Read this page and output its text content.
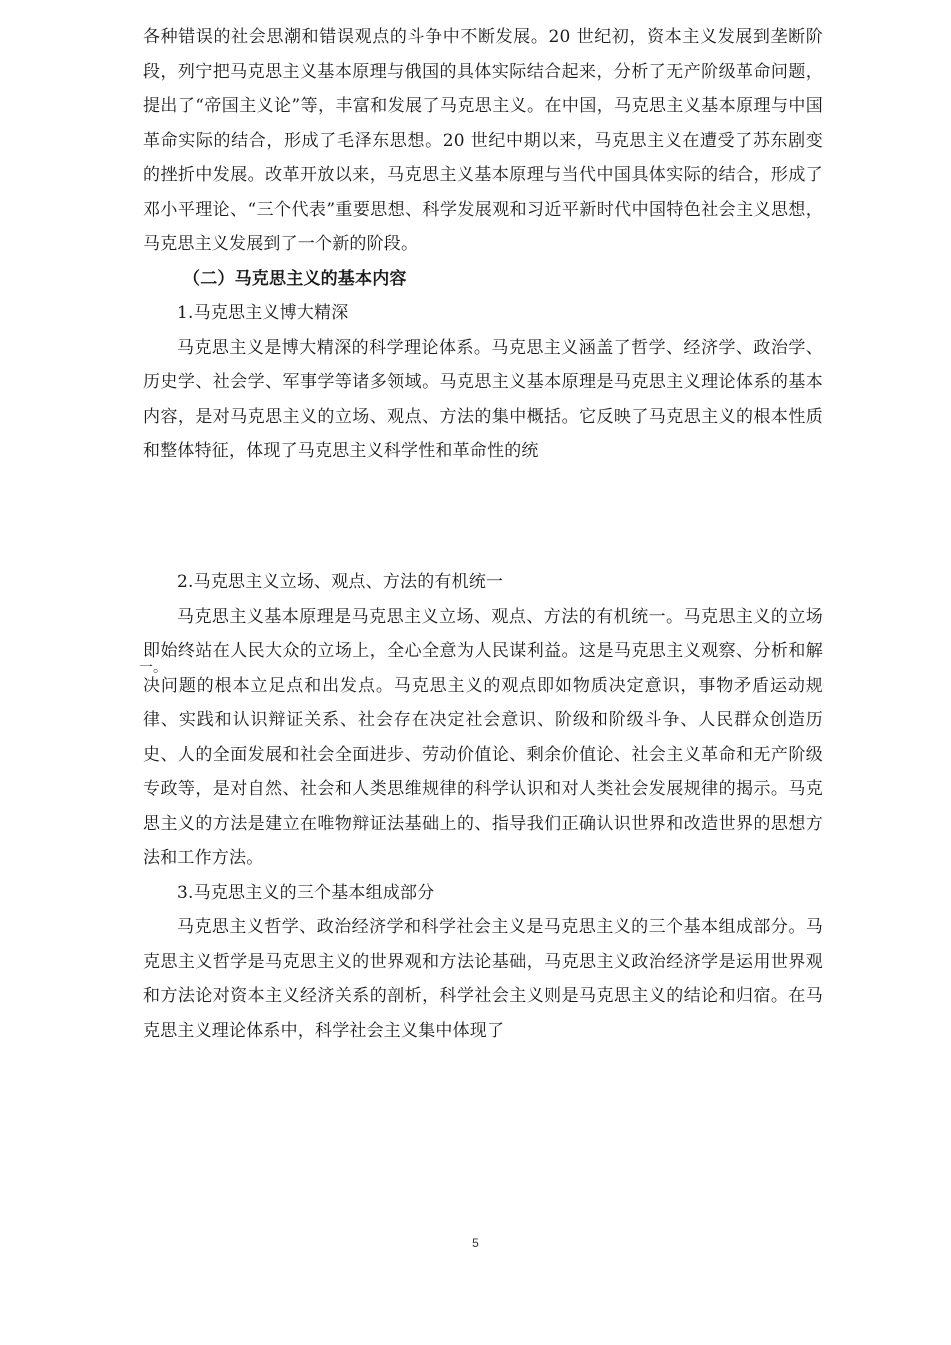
各种错误的社会思潮和错误观点的斗争中不断发展。20 世纪初，资本主义发展到垄断阶段，列宁把马克思主义基本原理与俄国的具体实际结合起来，分析了无产阶级革命问题，提出了“帝国主义论”等，丰富和发展了马克思主义。在中国，马克思主义基本原理与中国革命实际的结合，形成了毛泽东思想。20 世纪中期以来，马克思主义在遭受了苏东剧变的挫折中发展。改革开放以来，马克思主义基本原理与当代中国具体实际的结合，形成了邓小平理论、“三个代表”重要思想、科学发展观和习近平新时代中国特色社会主义思想，马克思主义发展到了一个新的阶段。

（二）马克思主义的基本内容

1.马克思主义博大精深

马克思主义是博大精深的科学理论体系。马克思主义涵盖了哲学、经济学、政治学、历史学、社会学、军事学等诸多领域。马克思主义基本原理是马克思主义理论体系的基本内容，是对马克思主义的立场、观点、方法的集中概括。它反映了马克思主义的根本性质和整体特征，体现了马克思主义科学性和革命性的统

2.马克思主义立场、观点、方法的有机统一

马克思主义基本原理是马克思主义立场、观点、方法的有机统一。马克思主义的立场即始终站在人民大众的立场上，全心全意为人民谋利益。这是马克思主义观察、分析和解决问题的根本立足点和出发点。马克思主义的观点即如物质决定意识，事物矛盾运动规律、实践和认识辩证关系、社会存在决定社会意识、阶级和阶级斗争、人民群众创造历史、人的全面发展和社会全面进步、劳动价值论、剩余价值论、社会主义革命和无产阶级专政等，是对自然、社会和人类思维规律的科学认识和对人类社会发展规律的揭示。马克思主义的方法是建立在唯物辩证法基础上的、指导我们正确认识世界和改造世界的思想方法和工作方法。

3.马克思主义的三个基本组成部分

马克思主义哲学、政治经济学和科学社会主义是马克思主义的三个基本组成部分。马克思主义哲学是马克思主义的世界观和方法论基础，马克思主义政治经济学是运用世界观和方法论对资本主义经济关系的剖析，科学社会主义则是马克思主义的结论和归宿。在马克思主义理论体系中，科学社会主义集中体现了

一。
5
